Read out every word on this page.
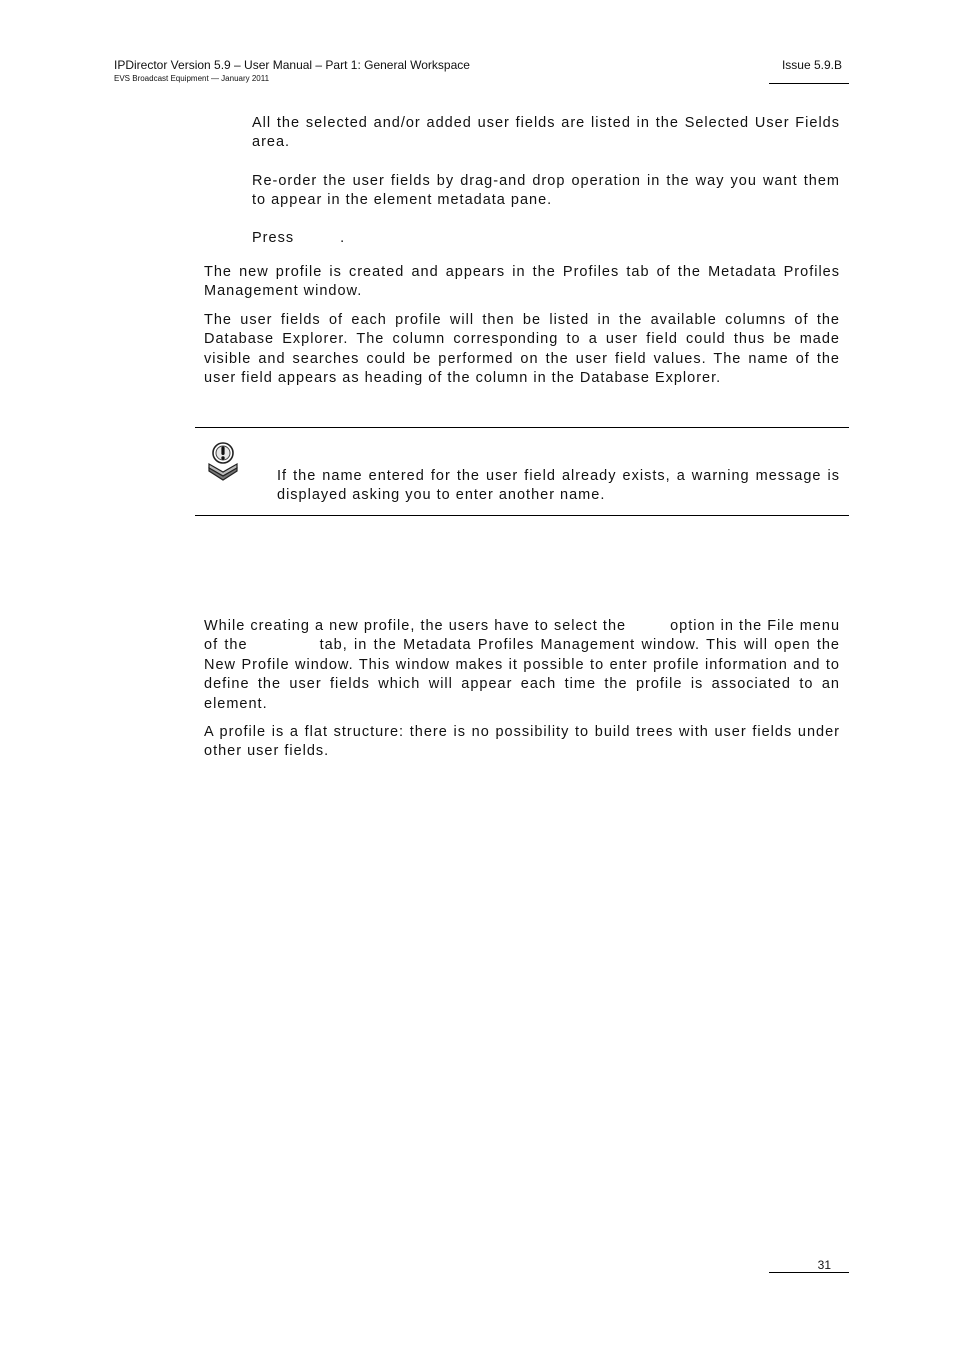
IPDirector Version 5.9 – User Manual – Part 1: General Workspace
EVS Broadcast Equipment — January 2011
Issue 5.9.B

All the selected and/or added user fields are listed in the Selected User Fields area.

Re-order the user fields by drag-and drop operation in the way you want them to appear in the element metadata pane.

Press	.

The new profile is created and appears in the Profiles tab of the Metadata Profiles Management window.

The user fields of each profile will then be listed in the available columns of the Database Explorer. The column corresponding to a user field could thus be made visible and searches could be performed on the user field values. The name of the user field appears as heading of the column in the Database Explorer.

If the name entered for the user field already exists, a warning message is displayed asking you to enter another name.

While creating a new profile, the users have to select the	option in the File menu of the	tab, in the Metadata Profiles Management window. This will open the New Profile window. This window makes it possible to enter profile information and to define the user fields which will appear each time the profile is associated to an element.

A profile is a flat structure: there is no possibility to build trees with user fields under other user fields.

31
